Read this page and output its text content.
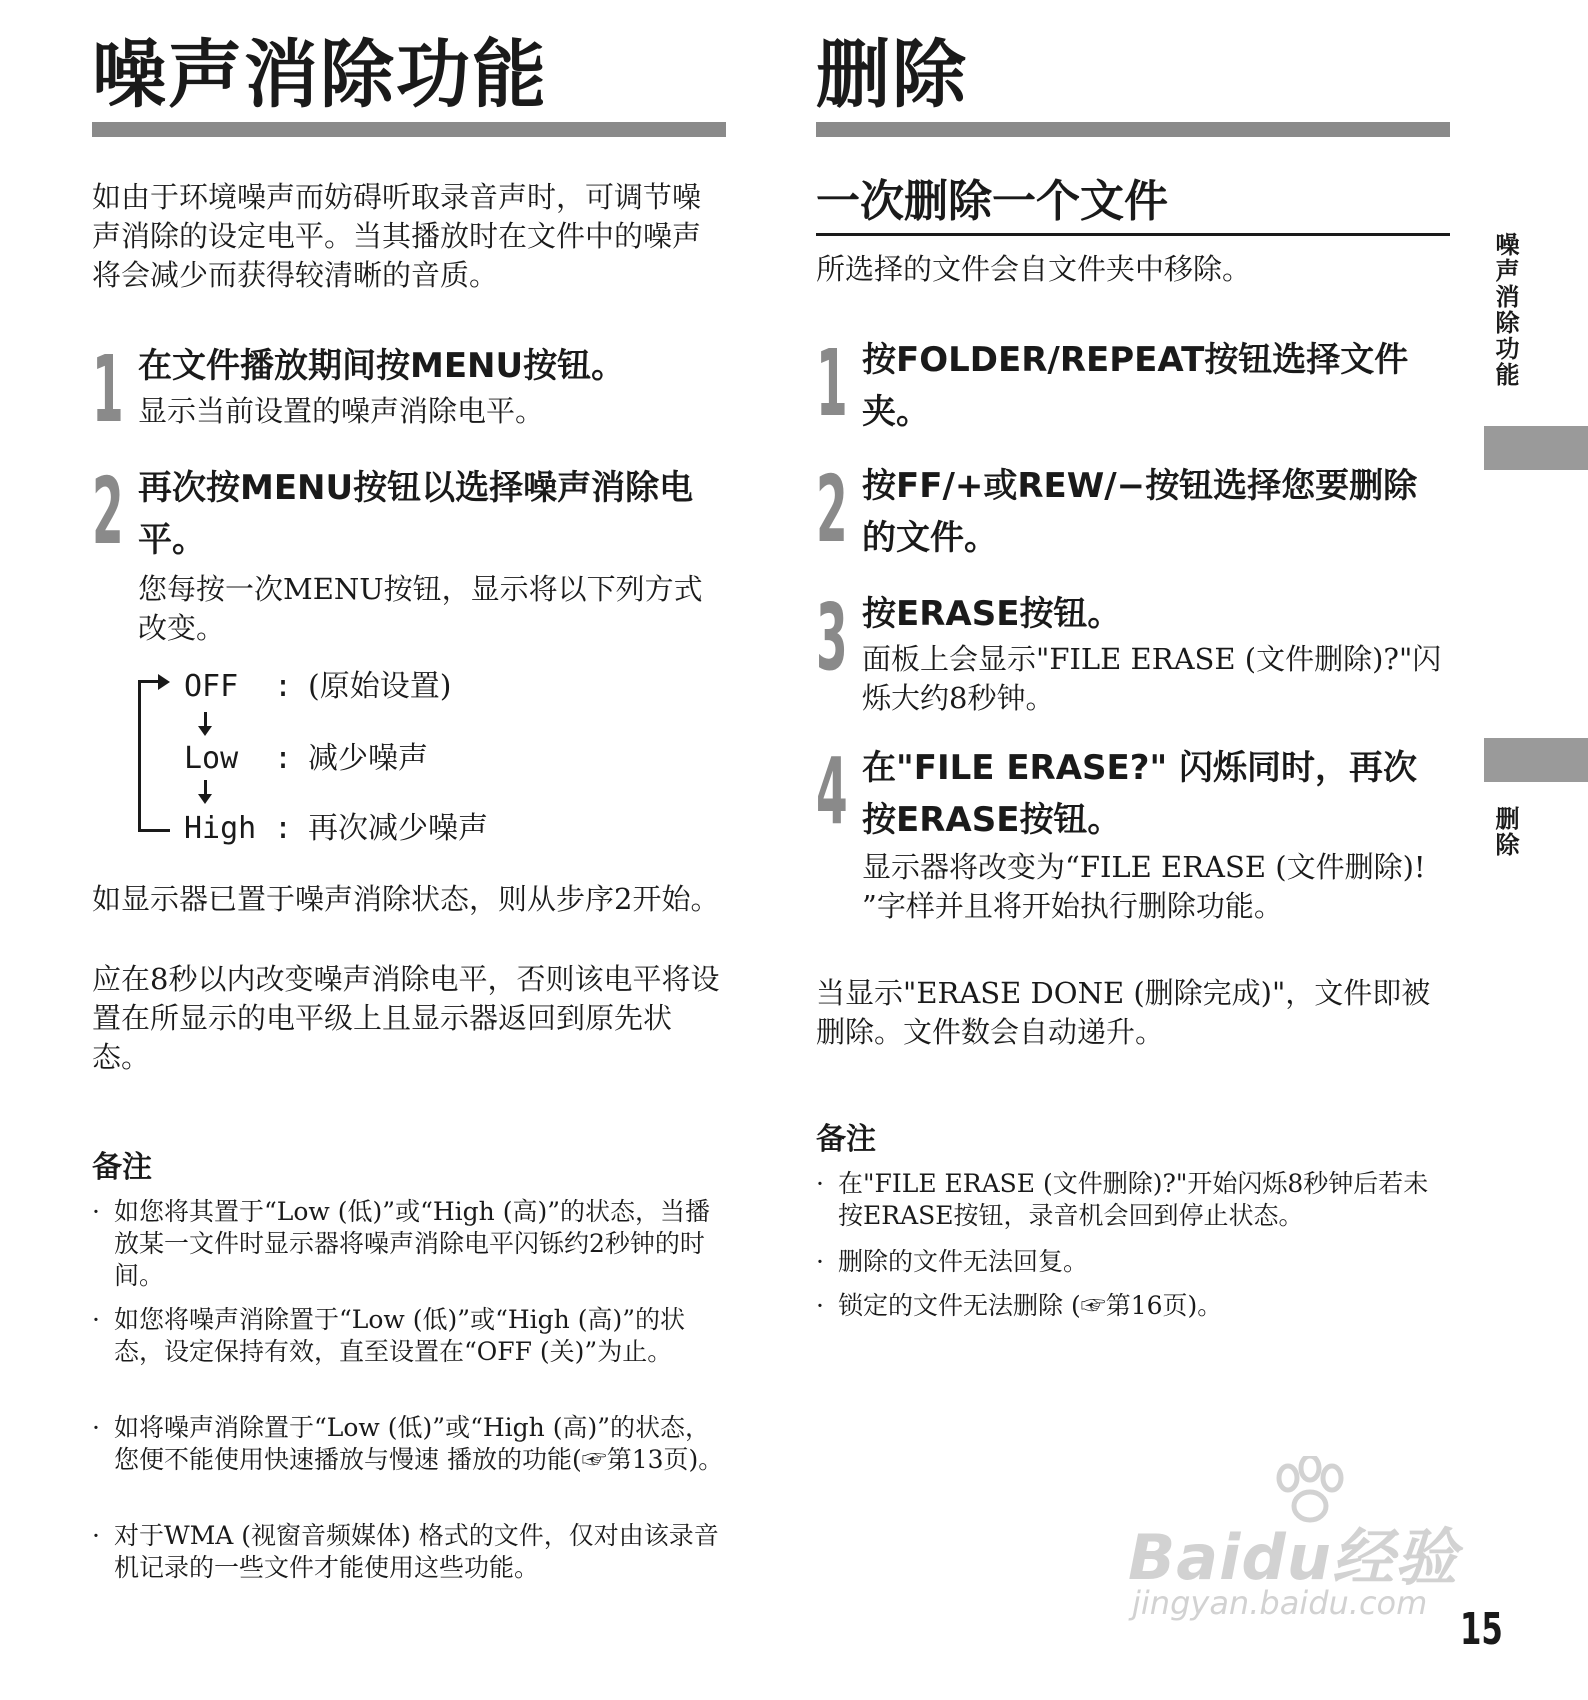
噪声消除功能

如由于环境噪声而妨碍听取录音声时，可调节噪声消除的设定电平。当其播放时在文件中的噪声将会减少而获得较清晰的音质。

1 在文件播放期间按MENU按钮。

显示当前设置的噪声消除电平。

2 再次按MENU按钮以选择噪声消除电平。

您每按一次MENU按钮，显示将以下列方式改变。

OFF : (原始设置)
Low : 减少噪声
High : 再次减少噪声

如显示器已置于噪声消除状态，则从步序2开始。

应在8秒以内改变噪声消除电平，否则该电平将设置在所显示的电平级上且显示器返回到原先状态。

备注

· 如您将其置于“Low (低)”或“High (高)”的状态，当播放某一文件时显示器将噪声消除电平闪铄约2秒钟的时间。
· 如您将噪声消除置于“Low (低)”或“High (高)”的状态，设定保持有效，直至设置在“OFF (关)”为止。
· 如将噪声消除置于“Low (低)”或“High (高)”的状态，您便不能使用快速播放与慢速 播放的功能(☞第13页)。
· 对于WMA (视窗音频媒体) 格式的文件，仅对由该录音机记录的一些文件才能使用这些功能。
删除
一次删除一个文件

所选择的文件会自文件夹中移除。

1 按FOLDER/REPEAT按钮选择文件夹。

2 按FF/+或REW/−按钮选择您要删除的文件。

3 按ERASE按钮。

面板上会显示"FILE ERASE (文件删除)?"闪烁大约8秒钟。

4 在"FILE ERASE?" 闪烁同时，再次按ERASE按钮。

显示器将改变为“FILE ERASE (文件删除)! ”字样并且将开始执行删除功能。

当显示"ERASE DONE (删除完成)"，文件即被删除。文件数会自动递升。

备注

· 在"FILE ERASE (文件删除)?"开始闪烁8秒钟后若未按ERASE按钮，录音机会回到停止状态。
· 删除的文件无法回复。
· 锁定的文件无法删除 (☞第16页)。
噪声消除功能
删除
Baidu经验
jingyan.baidu.com
15
